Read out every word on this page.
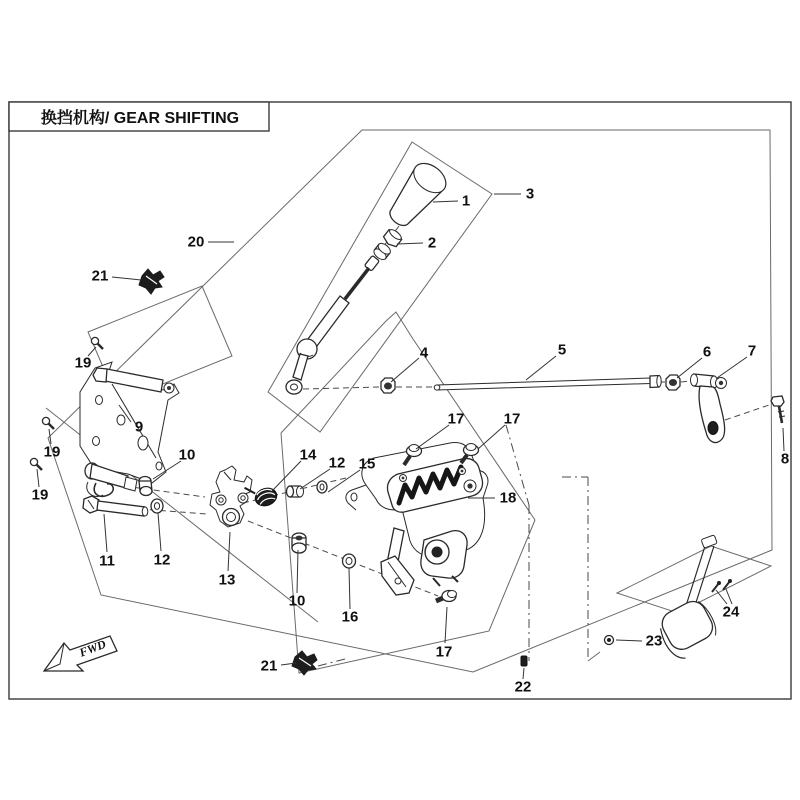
换挡机构/ GEAR SHIFTING
FWD
1
2
3
4	5	6 7
8
9
10
10
11	12
12
13
14
15
16
17	17
17
18
19
19
19
20
21
21
22
23
24
